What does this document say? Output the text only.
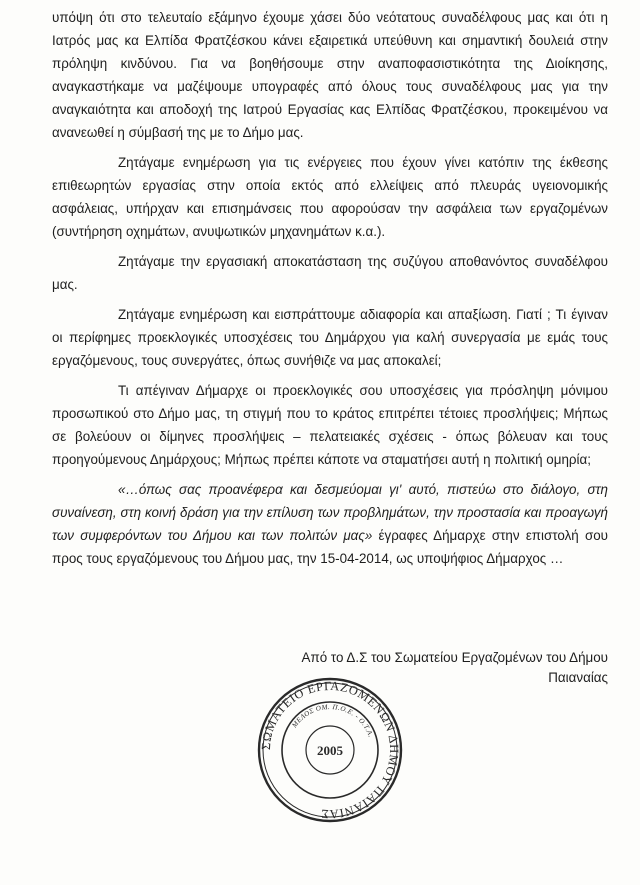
υπόψη ότι στο τελευταίο εξάμηνο έχουμε χάσει δύο νεότατους συναδέλφους μας και ότι η Ιατρός μας κα Ελπίδα Φρατζέσκου κάνει εξαιρετικά υπεύθυνη και σημαντική δουλειά στην πρόληψη κινδύνου. Για να βοηθήσουμε στην αναποφασιστικότητα της Διοίκησης, αναγκαστήκαμε να μαζέψουμε υπογραφές από όλους τους συναδέλφους μας για την αναγκαιότητα και αποδοχή της Ιατρού Εργασίας κας Ελπίδας Φρατζέσκου, προκειμένου να ανανεωθεί η σύμβασή της με το Δήμο μας.

Ζητάγαμε ενημέρωση για τις ενέργειες που έχουν γίνει κατόπιν της έκθεσης επιθεωρητών εργασίας στην οποία εκτός από ελλείψεις από πλευράς υγειονομικής ασφάλειας, υπήρχαν και επισημάνσεις που αφορούσαν την ασφάλεια των εργαζομένων (συντήρηση οχημάτων, ανυψωτικών μηχανημάτων κ.α.).

Ζητάγαμε την εργασιακή αποκατάσταση της συζύγου αποθανόντος συναδέλφου μας.

Ζητάγαμε ενημέρωση και εισπράττουμε αδιαφορία και απαξίωση. Γιατί ; Τι έγιναν οι περίφημες προεκλογικές υποσχέσεις του Δημάρχου για καλή συνεργασία με εμάς τους εργαζόμενους, τους συνεργάτες, όπως συνήθιζε να μας αποκαλεί;

Τι απέγιναν Δήμαρχε οι προεκλογικές σου υποσχέσεις για πρόσληψη μόνιμου προσωπικού στο Δήμο μας, τη στιγμή που το κράτος επιτρέπει τέτοιες προσλήψεις; Μήπως σε βολεύουν οι δίμηνες προσλήψεις – πελατειακές σχέσεις - όπως βόλευαν και τους προηγούμενους Δημάρχους; Μήπως πρέπει κάποτε να σταματήσει αυτή η πολιτική ομηρία;

«…όπως σας προανέφερα και δεσμεύομαι γι' αυτό, πιστεύω στο διάλογο, στη συναίνεση, στη κοινή δράση για την επίλυση των προβλημάτων, την προστασία και προαγωγή των συμφερόντων του Δήμου και των πολιτών μας» έγραφες Δήμαρχε στην επιστολή σου προς τους εργαζόμενους του Δήμου μας, την 15-04-2014, ως υποψήφιος Δήμαρχος …

Από το Δ.Σ του Σωματείου Εργαζομένων του Δήμου Παιαναίας
ΣΩΜΑΤΕΙΟ ΕΡΓΑΖΟΜΕΝΩΝ ΔΗΜΟΥ ΠΑΙΑΝΙΑΣ
ΜΕΛΟΣ ΟΜ. Π.Ο.Ε. - Ο.Τ.Α.
2005
